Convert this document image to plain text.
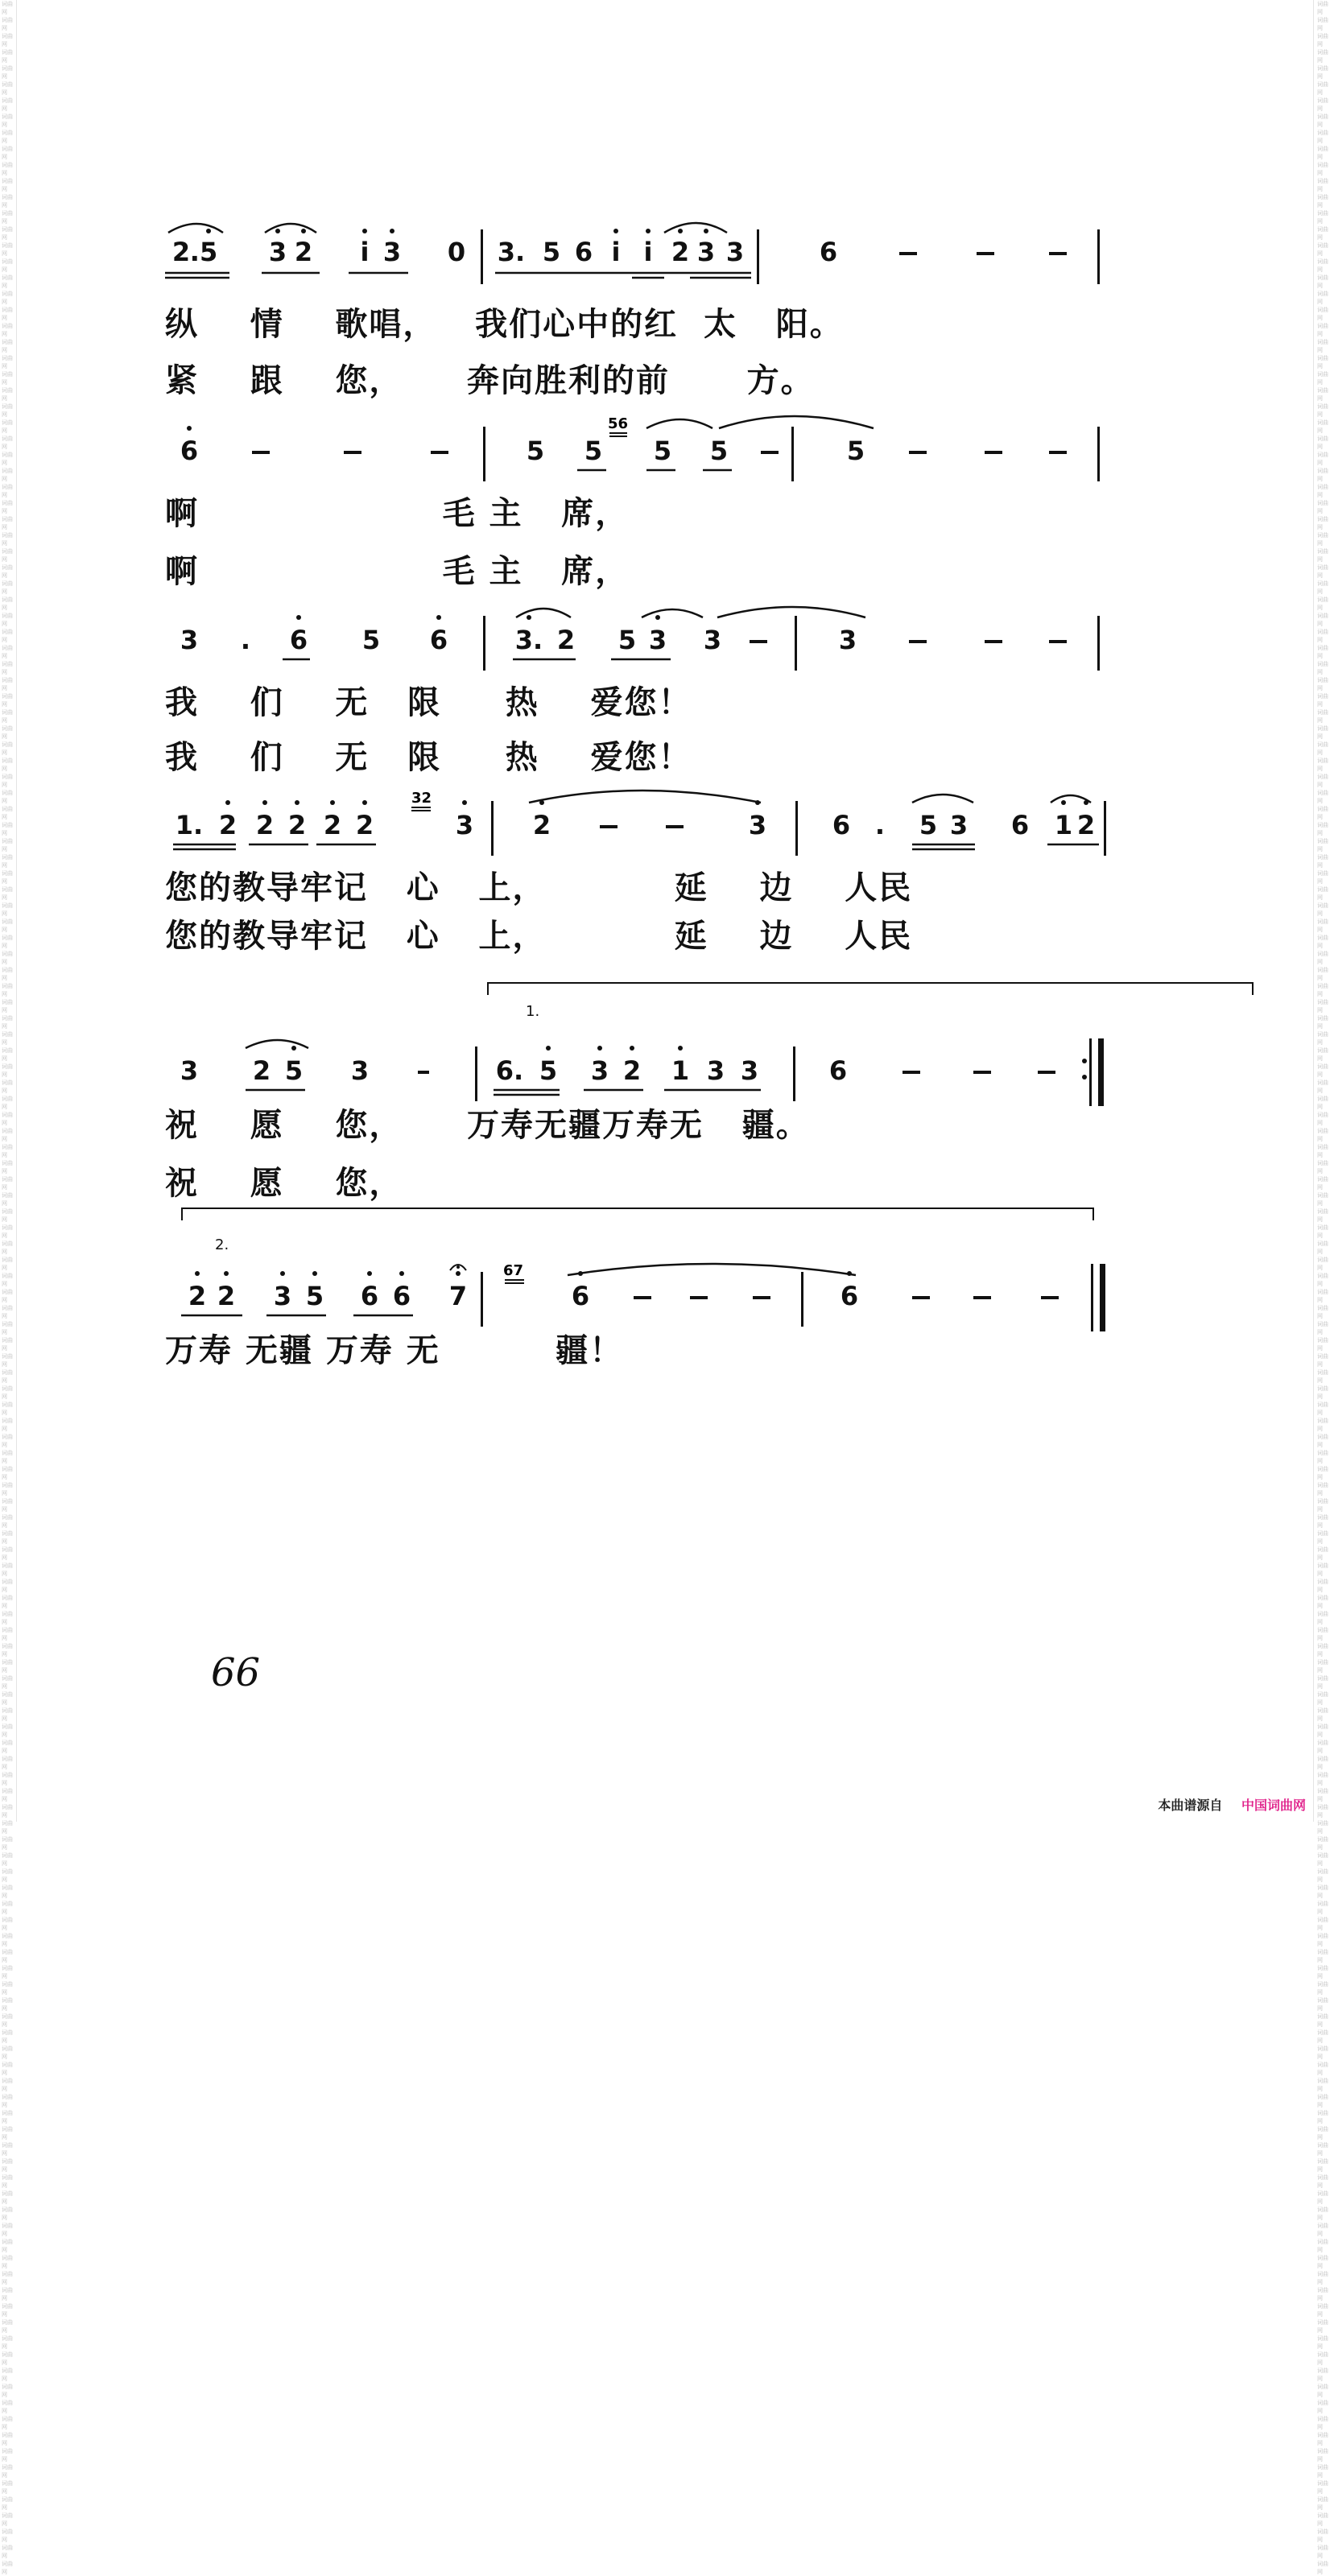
词曲网 词曲网 词曲网 词曲网 词曲网 词曲网 词曲网 词曲网 词曲网 词曲网 词曲网 词曲网 词曲网 词曲网 词曲网 词曲网 词曲网 词曲网 词曲网 词曲网 词曲网 词曲网 词曲网 词曲网 词曲网 词曲网 词曲网 词曲网 词曲网 词曲网 词曲网 词曲网 词曲网 词曲网 词曲网 词曲网 词曲网 词曲网 词曲网 词曲网 词曲网 词曲网 词曲网 词曲网 词曲网 词曲网 词曲网 词曲网 词曲网 词曲网 词曲网 词曲网 词曲网 词曲网 词曲网 词曲网 词曲网 词曲网 词曲网 词曲网 词曲网 词曲网 词曲网 词曲网 词曲网 词曲网 词曲网 词曲网 词曲网 词曲网 词曲网 词曲网 词曲网 词曲网 词曲网 词曲网 词曲网 词曲网 词曲网 词曲网 词曲网 词曲网 词曲网 词曲网 词曲网 词曲网 词曲网 词曲网 词曲网 词曲网 词曲网 词曲网 词曲网 词曲网 词曲网 词曲网 词曲网 词曲网 词曲网 词曲网 词曲网 词曲网 词曲网 词曲网 词曲网 词曲网 词曲网 词曲网 词曲网 词曲网 词曲网 词曲网 词曲网 词曲网 词曲网 词曲网 词曲网 词曲网 词曲网 词曲网 词曲网 词曲网 词曲网 词曲网 词曲网 词曲网 词曲网 词曲网 词曲网 词曲网 词曲网 词曲网 词曲网 词曲网 词曲网 词曲网 词曲网 词曲网 词曲网 词曲网 词曲网 词曲网 词曲网 词曲网 词曲网 词曲网 词曲网 词曲网 词曲网 词曲网 词曲网 词曲网 词曲网 词曲网 词曲网 词曲网 词曲网 词曲网 词曲网 词曲网
词曲网 词曲网 词曲网 词曲网 词曲网 词曲网 词曲网 词曲网 词曲网 词曲网 词曲网 词曲网 词曲网 词曲网 词曲网 词曲网 词曲网 词曲网 词曲网 词曲网 词曲网 词曲网 词曲网 词曲网 词曲网 词曲网 词曲网 词曲网 词曲网 词曲网 词曲网 词曲网 词曲网 词曲网 词曲网 词曲网 词曲网 词曲网 词曲网 词曲网 词曲网 词曲网 词曲网 词曲网 词曲网 词曲网 词曲网 词曲网 词曲网 词曲网 词曲网 词曲网 词曲网 词曲网 词曲网 词曲网 词曲网 词曲网 词曲网 词曲网 词曲网 词曲网 词曲网 词曲网 词曲网 词曲网 词曲网 词曲网 词曲网 词曲网 词曲网 词曲网 词曲网 词曲网 词曲网 词曲网 词曲网 词曲网 词曲网 词曲网 词曲网 词曲网 词曲网 词曲网 词曲网 词曲网 词曲网 词曲网 词曲网 词曲网 词曲网 词曲网 词曲网 词曲网 词曲网 词曲网 词曲网 词曲网 词曲网 词曲网 词曲网 词曲网 词曲网 词曲网 词曲网 词曲网 词曲网 词曲网 词曲网 词曲网 词曲网 词曲网 词曲网 词曲网 词曲网 词曲网 词曲网 词曲网 词曲网 词曲网 词曲网 词曲网 词曲网 词曲网 词曲网 词曲网 词曲网 词曲网 词曲网 词曲网 词曲网 词曲网 词曲网 词曲网 词曲网 词曲网 词曲网 词曲网 词曲网 词曲网 词曲网 词曲网 词曲网 词曲网 词曲网 词曲网 词曲网 词曲网 词曲网 词曲网 词曲网 词曲网 词曲网 词曲网 词曲网 词曲网 词曲网 词曲网 词曲网 词曲网
2 .5 3 2	i 3 0 3. 5 6 i i 2 3 3	6
纵    情    歌唱，   我们心中的红  太   阳。
紧    跟    您，     奔向胜利的前      方。
6	5 5 5 5	5
56
啊                   毛 主   席，
啊                   毛 主   席，
3	.	6 5 6	3. 2 5 3 3	3
我    们    无   限     热    爱您！
我    们    无   限     热    爱您！
1. 2 2 2 2 2	3 2	3	6 .	5 3 6 1 2
32
您的教导牢记   心   上，          延    边    人民
您的教导牢记   心   上，          延    边    人民
1.
3 2 5 3	6. 5 3 2 1 3 3	6
祝    愿    您，     万寿无疆万寿无   疆。
祝    愿    您，
2.
2 2 3 5 6 6 7	6	6
67
万寿 无疆 万寿 无         疆！
66
本曲谱源自 中国词曲网
